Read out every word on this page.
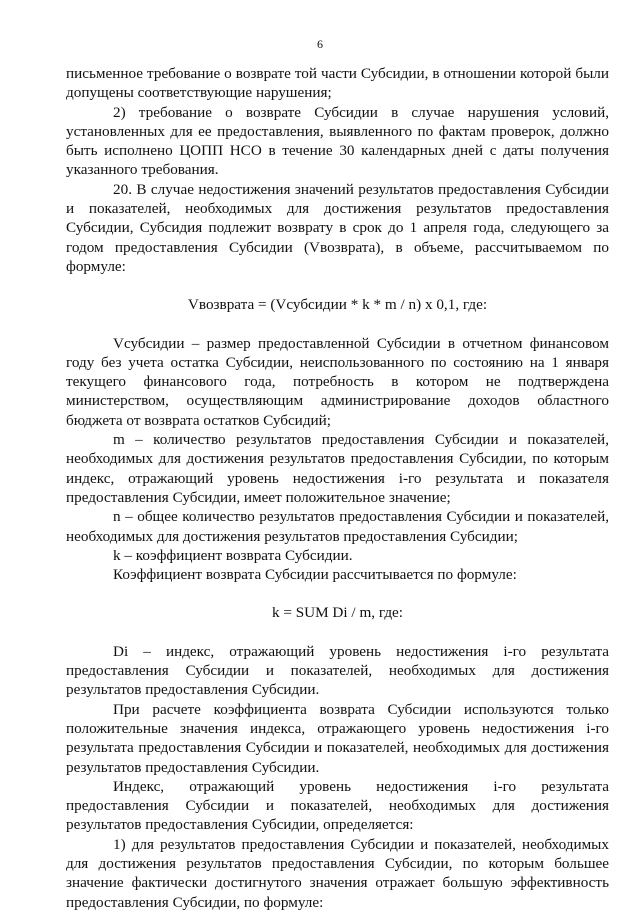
6

письменное требование о возврате той части Субсидии, в отношении которой были допущены соответствующие нарушения;

2) требование о возврате Субсидии в случае нарушения условий, установленных для ее предоставления, выявленного по фактам проверок, должно быть исполнено ЦОПП НСО в течение 30 календарных дней с даты получения указанного требования.

20. В случае недостижения значений результатов предоставления Субсидии и показателей, необходимых для достижения результатов предоставления Субсидии, Субсидия подлежит возврату в срок до 1 апреля года, следующего за годом предоставления Субсидии (Vвозврата), в объеме, рассчитываемом по формуле:

Vвозврата = (Vсубсидии * k * m / n) x 0,1, где:

Vсубсидии – размер предоставленной Субсидии в отчетном финансовом году без учета остатка Субсидии, неиспользованного по состоянию на 1 января текущего финансового года, потребность в котором не подтверждена министерством, осуществляющим администрирование доходов областного бюджета от возврата остатков Субсидий;

m – количество результатов предоставления Субсидии и показателей, необходимых для достижения результатов предоставления Субсидии, по которым индекс, отражающий уровень недостижения i-го результата и показателя предоставления Субсидии, имеет положительное значение;

n – общее количество результатов предоставления Субсидии и показателей, необходимых для достижения результатов предоставления Субсидии;

k – коэффициент возврата Субсидии.

Коэффициент возврата Субсидии рассчитывается по формуле:

k = SUM Di / m, где:

Di – индекс, отражающий уровень недостижения i-го результата предоставления Субсидии и показателей, необходимых для достижения результатов предоставления Субсидии.

При расчете коэффициента возврата Субсидии используются только положительные значения индекса, отражающего уровень недостижения i-го результата предоставления Субсидии и показателей, необходимых для достижения результатов предоставления Субсидии.

Индекс, отражающий уровень недостижения i-го результата предоставления Субсидии и показателей, необходимых для достижения результатов предоставления Субсидии, определяется:

1) для результатов предоставления Субсидии и показателей, необходимых для достижения результатов предоставления Субсидии, по которым большее значение фактически достигнутого значения отражает большую эффективность предоставления Субсидии, по формуле:
